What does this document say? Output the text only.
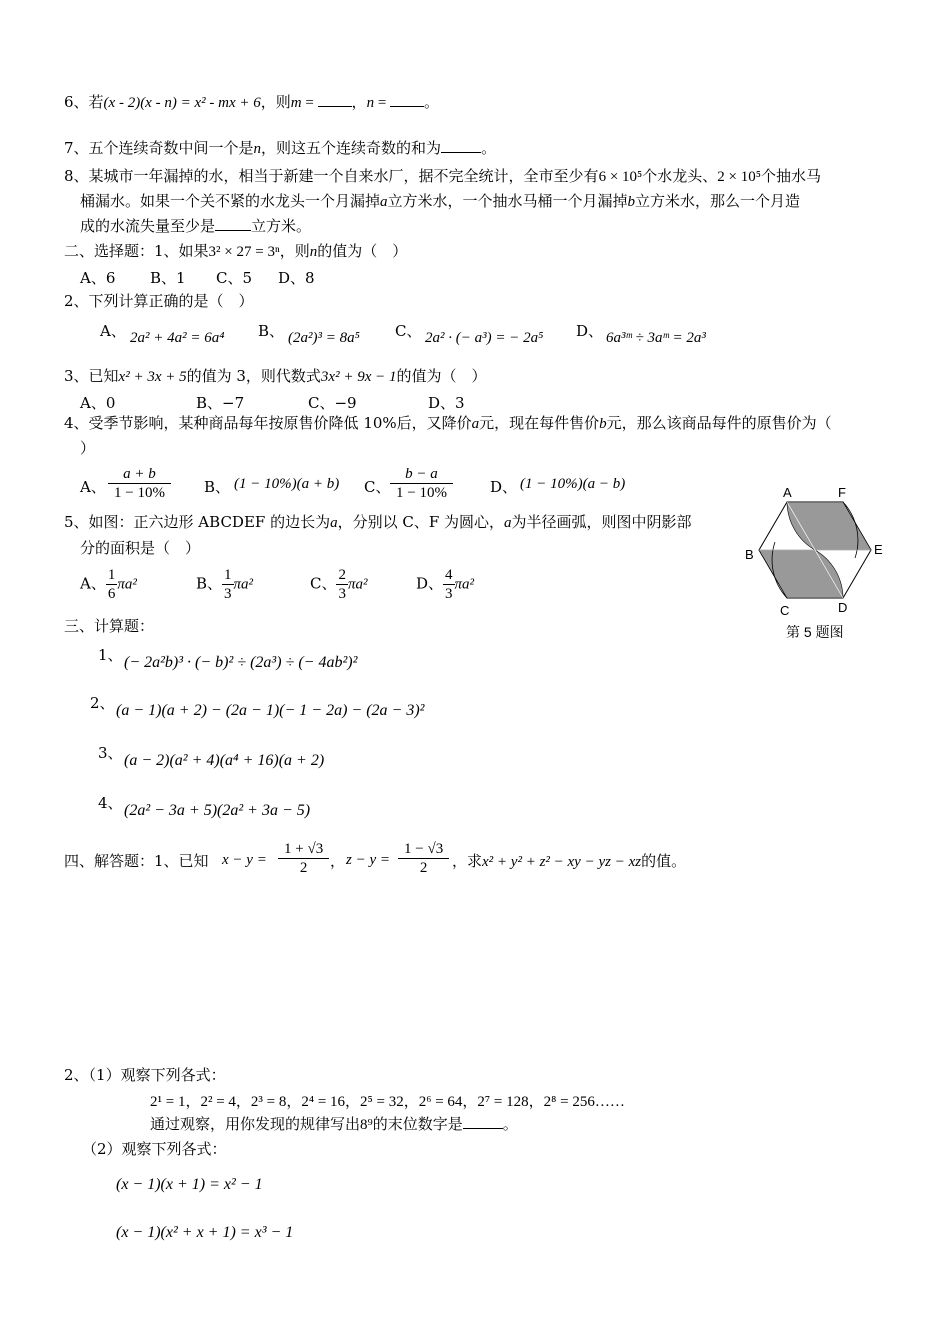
6、若(x - 2)(x - n) = x² - mx + 6，则m = ，n = 。
7、五个连续奇数中间一个是n，则这五个连续奇数的和为	。
8、某城市一年漏掉的水，相当于新建一个自来水厂，据不完全统计，全市至少有6 × 10⁵个水龙头、2 × 10⁵个抽水马
桶漏水。如果一个关不紧的水龙头一个月漏掉a立方米水，一个抽水马桶一个月漏掉b立方米水，那么一个月造
成的水流失量至少是 立方米。
二、选择题：1、如果3² × 27 = 3ⁿ，则n的值为（　）
A、6 B、1 C、5 D、8
2、下列计算正确的是（　）
A、 2a² + 4a² = 6a⁴ B、 (2a²)³ = 8a⁵ C、 2a² · (− a³) = − 2a⁵ D、 6a³ᵐ ÷ 3aᵐ = 2a³
3、已知x² + 3x + 5的值为 3，则代数式3x² + 9x − 1的值为（　）
A、0	B、−7	C、−9	D、3
4、受季节影响，某种商品每年按原售价降低 10%后，又降价a元，现在每件售价b元，那么该商品每件的原售价为（
）
A、 $\frac{a + b}{1 - 10\%}$ B、 (1 − 10%)(a + b) C、 $\frac{b - a}{1 - 10\%}$ D、 (1 − 10%)(a − b)
5、如图：正六边形 ABCDEF 的边长为a，分别以 C、F 为圆心，a为半径画弧，则图中阴影部
分的面积是（　）
A、 $\frac{1}{6} \pi a^2$	B、 $\frac{1}{3} \pi a^2$	C、 $\frac{2}{3} \pi a^2$	D、 $\frac{4}{3} \pi a^2$
A	F
B	E
C	D
第 5 题图
三、计算题：
1、 (− 2a²b)³ · (− b)² ÷ (2a³) ÷ (− 4ab²)²
2、 (a − 1)(a + 2) − (2a − 1)(− 1 − 2a) − (2a − 3)²
3、 (a − 2)(a² + 4)(a⁴ + 16)(a + 2)
4、 (2a² − 3a + 5)(2a² + 3a − 5)
四、解答题：1、已知 $x - y = \frac{1 + √3}{2}$ ， $z - y = \frac{1 - √3}{2}$ ，求x² + y² + z² − xy − yz − xz的值。
2、（1）观察下列各式：
2¹ = 1，2² = 4，2³ = 8，2⁴ = 16，2⁵ = 32，2⁶ = 64，2⁷ = 128，2⁸ = 256……
通过观察，用你发现的规律写出8⁹的末位数字是	。
（2）观察下列各式：
(x − 1)(x + 1) = x² − 1
(x − 1)(x² + x + 1) = x³ − 1
